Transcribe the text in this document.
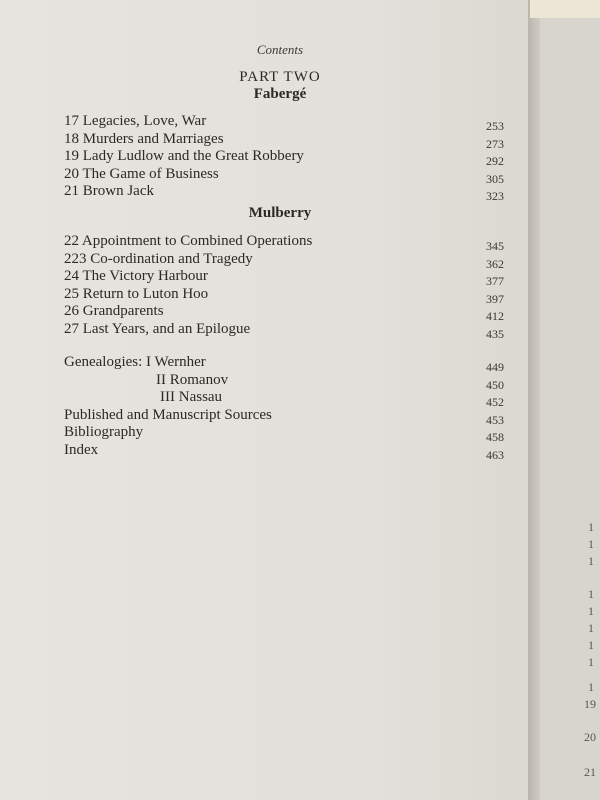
1
1
1
1
1
1
1
1
1
19
20
21
Contents
PART TWO
Fabergé
17 Legacies, Love, War	253
18 Murders and Marriages	273
19 Lady Ludlow and the Great Robbery	292
20 The Game of Business	305
21 Brown Jack	323
Mulberry
22 Appointment to Combined Operations	345
223 Co-ordination and Tragedy	362
24 The Victory Harbour	377
25 Return to Luton Hoo	397
26 Grandparents	412
27 Last Years, and an Epilogue	435
Genealogies: I Wernher	449
II Romanov	450
III Nassau	452
Published and Manuscript Sources	453
Bibliography	458
Index	463
